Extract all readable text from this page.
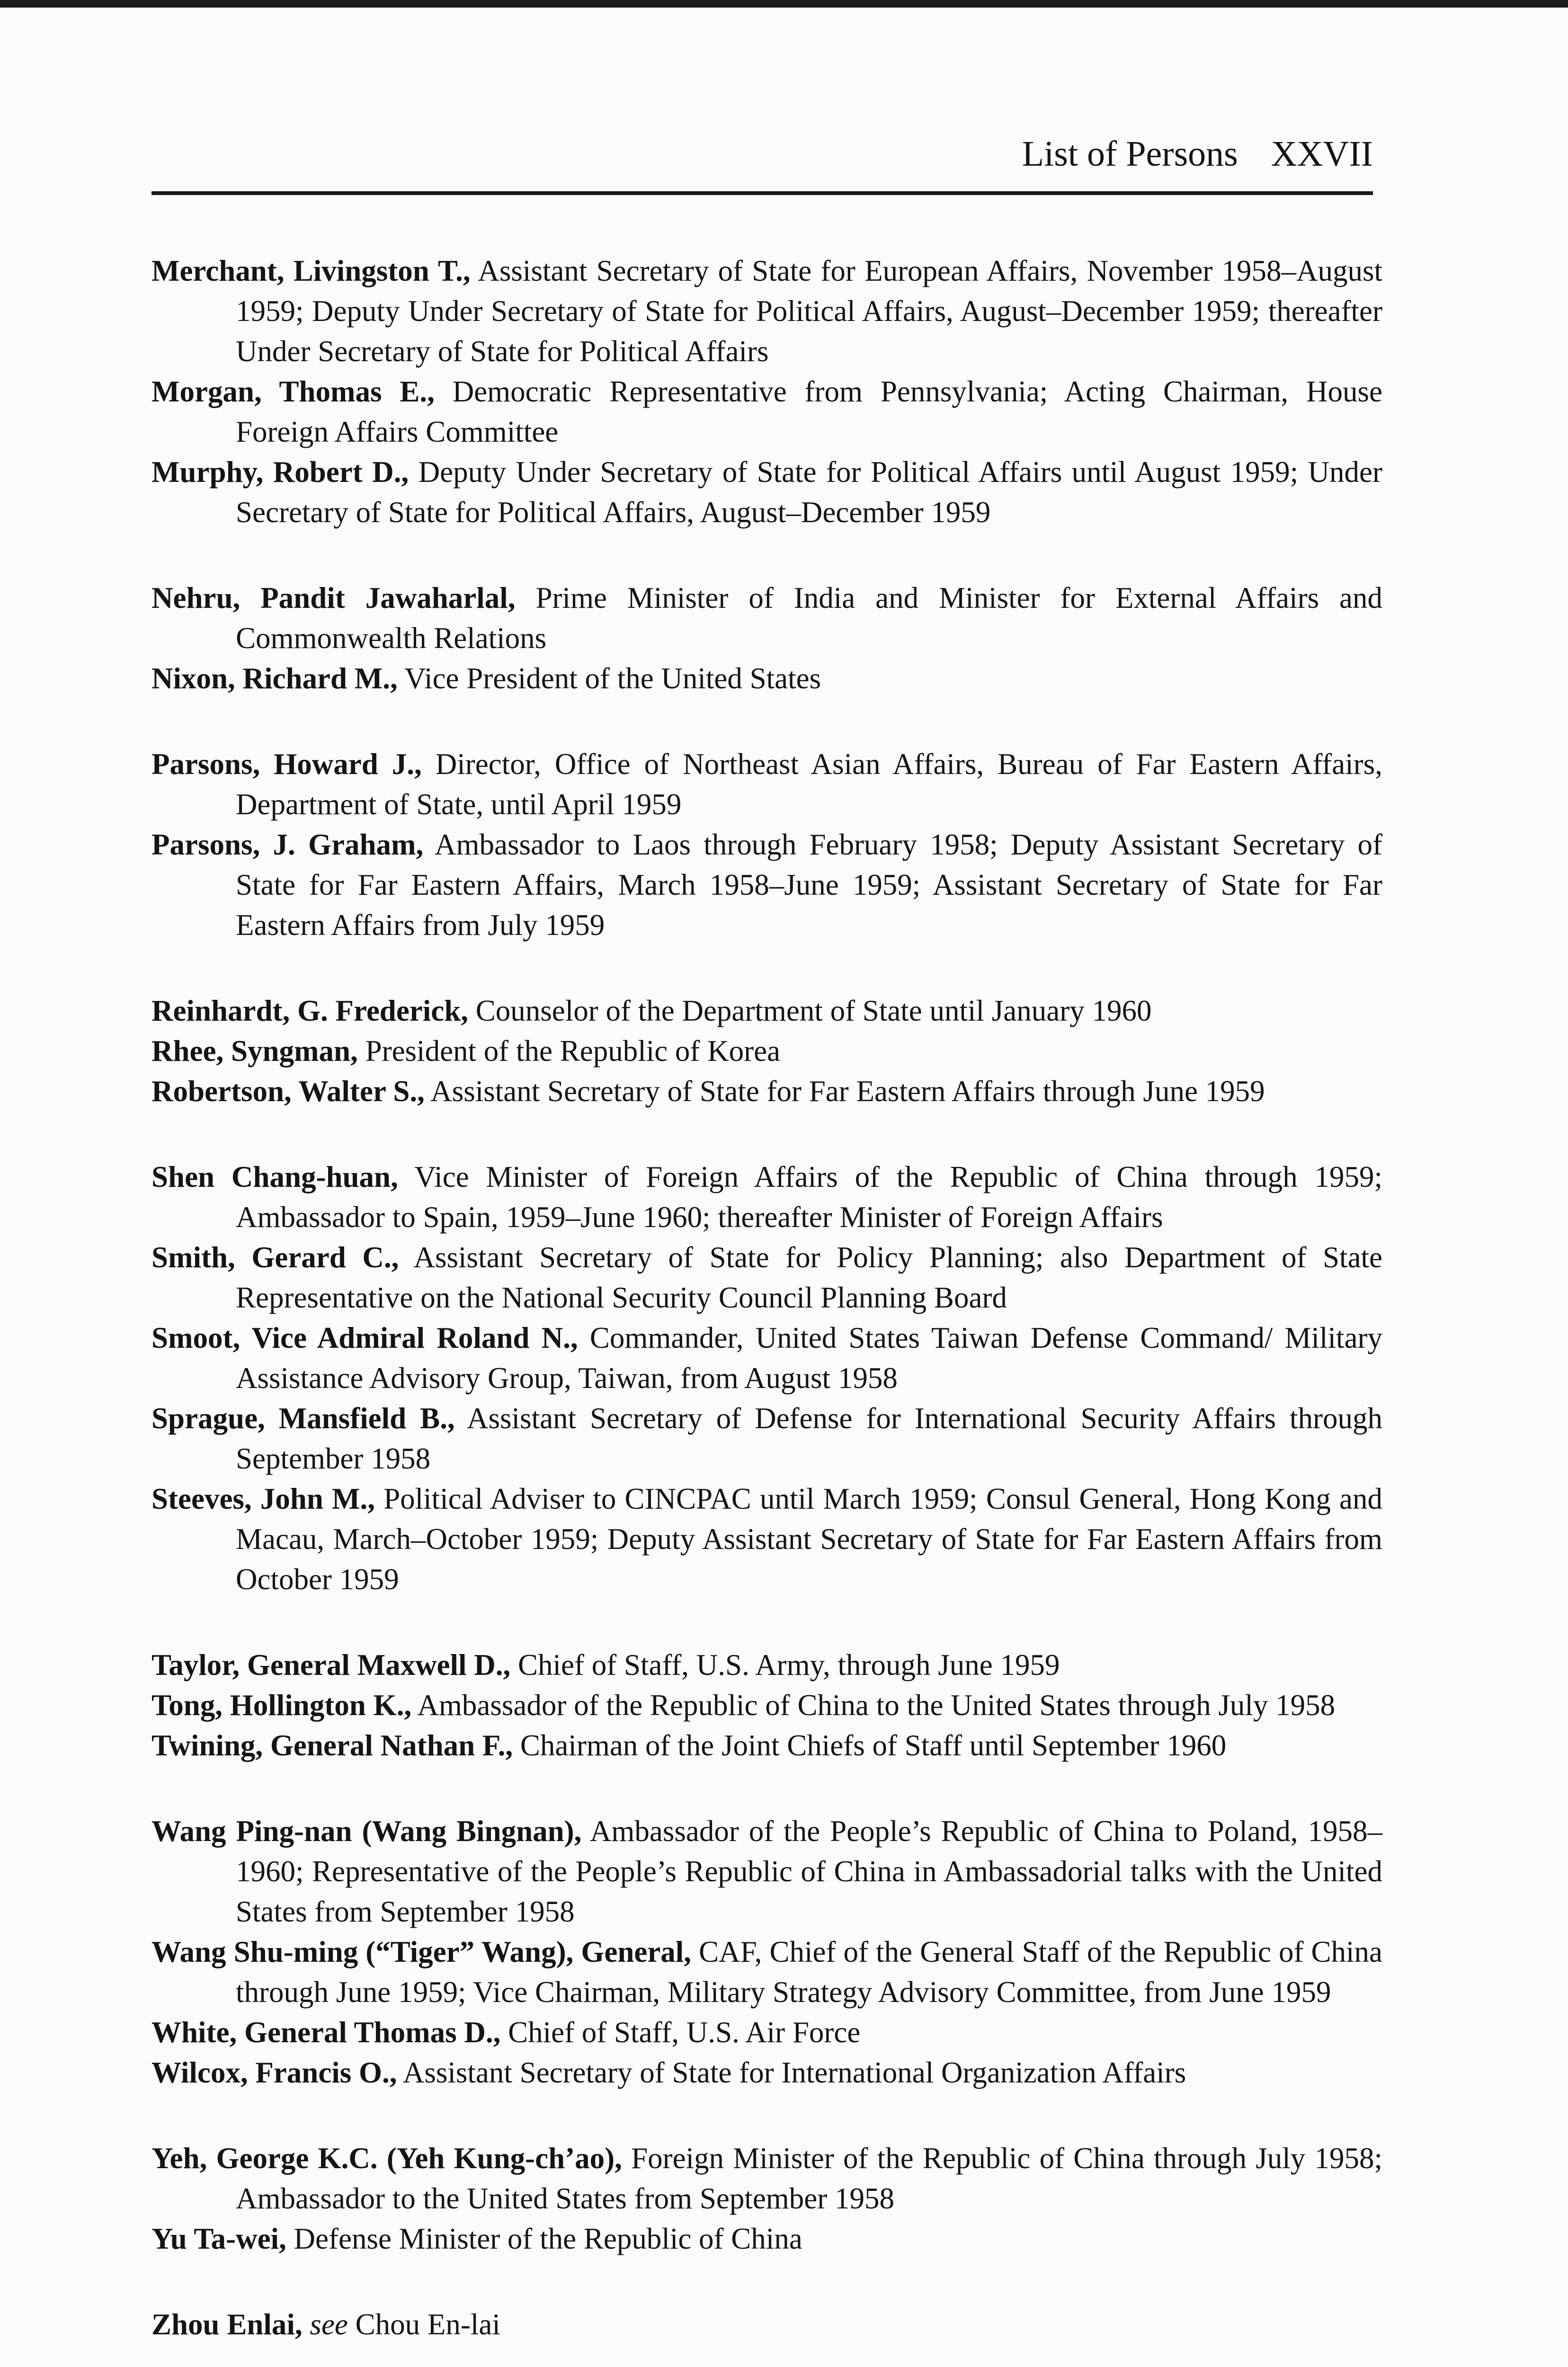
List of Persons XXVII
Merchant, Livingston T., Assistant Secretary of State for European Affairs, November 1958–August 1959; Deputy Under Secretary of State for Political Affairs, August–December 1959; thereafter Under Secretary of State for Political Affairs
Morgan, Thomas E., Democratic Representative from Pennsylvania; Acting Chairman, House Foreign Affairs Committee
Murphy, Robert D., Deputy Under Secretary of State for Political Affairs until August 1959; Under Secretary of State for Political Affairs, August–December 1959
Nehru, Pandit Jawaharlal, Prime Minister of India and Minister for External Affairs and Commonwealth Relations
Nixon, Richard M., Vice President of the United States
Parsons, Howard J., Director, Office of Northeast Asian Affairs, Bureau of Far Eastern Affairs, Department of State, until April 1959
Parsons, J. Graham, Ambassador to Laos through February 1958; Deputy Assistant Secretary of State for Far Eastern Affairs, March 1958–June 1959; Assistant Secretary of State for Far Eastern Affairs from July 1959
Reinhardt, G. Frederick, Counselor of the Department of State until January 1960
Rhee, Syngman, President of the Republic of Korea
Robertson, Walter S., Assistant Secretary of State for Far Eastern Affairs through June 1959
Shen Chang-huan, Vice Minister of Foreign Affairs of the Republic of China through 1959; Ambassador to Spain, 1959–June 1960; thereafter Minister of Foreign Affairs
Smith, Gerard C., Assistant Secretary of State for Policy Planning; also Department of State Representative on the National Security Council Planning Board
Smoot, Vice Admiral Roland N., Commander, United States Taiwan Defense Command/ Military Assistance Advisory Group, Taiwan, from August 1958
Sprague, Mansfield B., Assistant Secretary of Defense for International Security Affairs through September 1958
Steeves, John M., Political Adviser to CINCPAC until March 1959; Consul General, Hong Kong and Macau, March–October 1959; Deputy Assistant Secretary of State for Far Eastern Affairs from October 1959
Taylor, General Maxwell D., Chief of Staff, U.S. Army, through June 1959
Tong, Hollington K., Ambassador of the Republic of China to the United States through July 1958
Twining, General Nathan F., Chairman of the Joint Chiefs of Staff until September 1960
Wang Ping-nan (Wang Bingnan), Ambassador of the People’s Republic of China to Poland, 1958–1960; Representative of the People’s Republic of China in Ambassadorial talks with the United States from September 1958
Wang Shu-ming (“Tiger” Wang), General, CAF, Chief of the General Staff of the Republic of China through June 1959; Vice Chairman, Military Strategy Advisory Committee, from June 1959
White, General Thomas D., Chief of Staff, U.S. Air Force
Wilcox, Francis O., Assistant Secretary of State for International Organization Affairs
Yeh, George K.C. (Yeh Kung-ch’ao), Foreign Minister of the Republic of China through July 1958; Ambassador to the United States from September 1958
Yu Ta-wei, Defense Minister of the Republic of China
Zhou Enlai, see Chou En-lai
